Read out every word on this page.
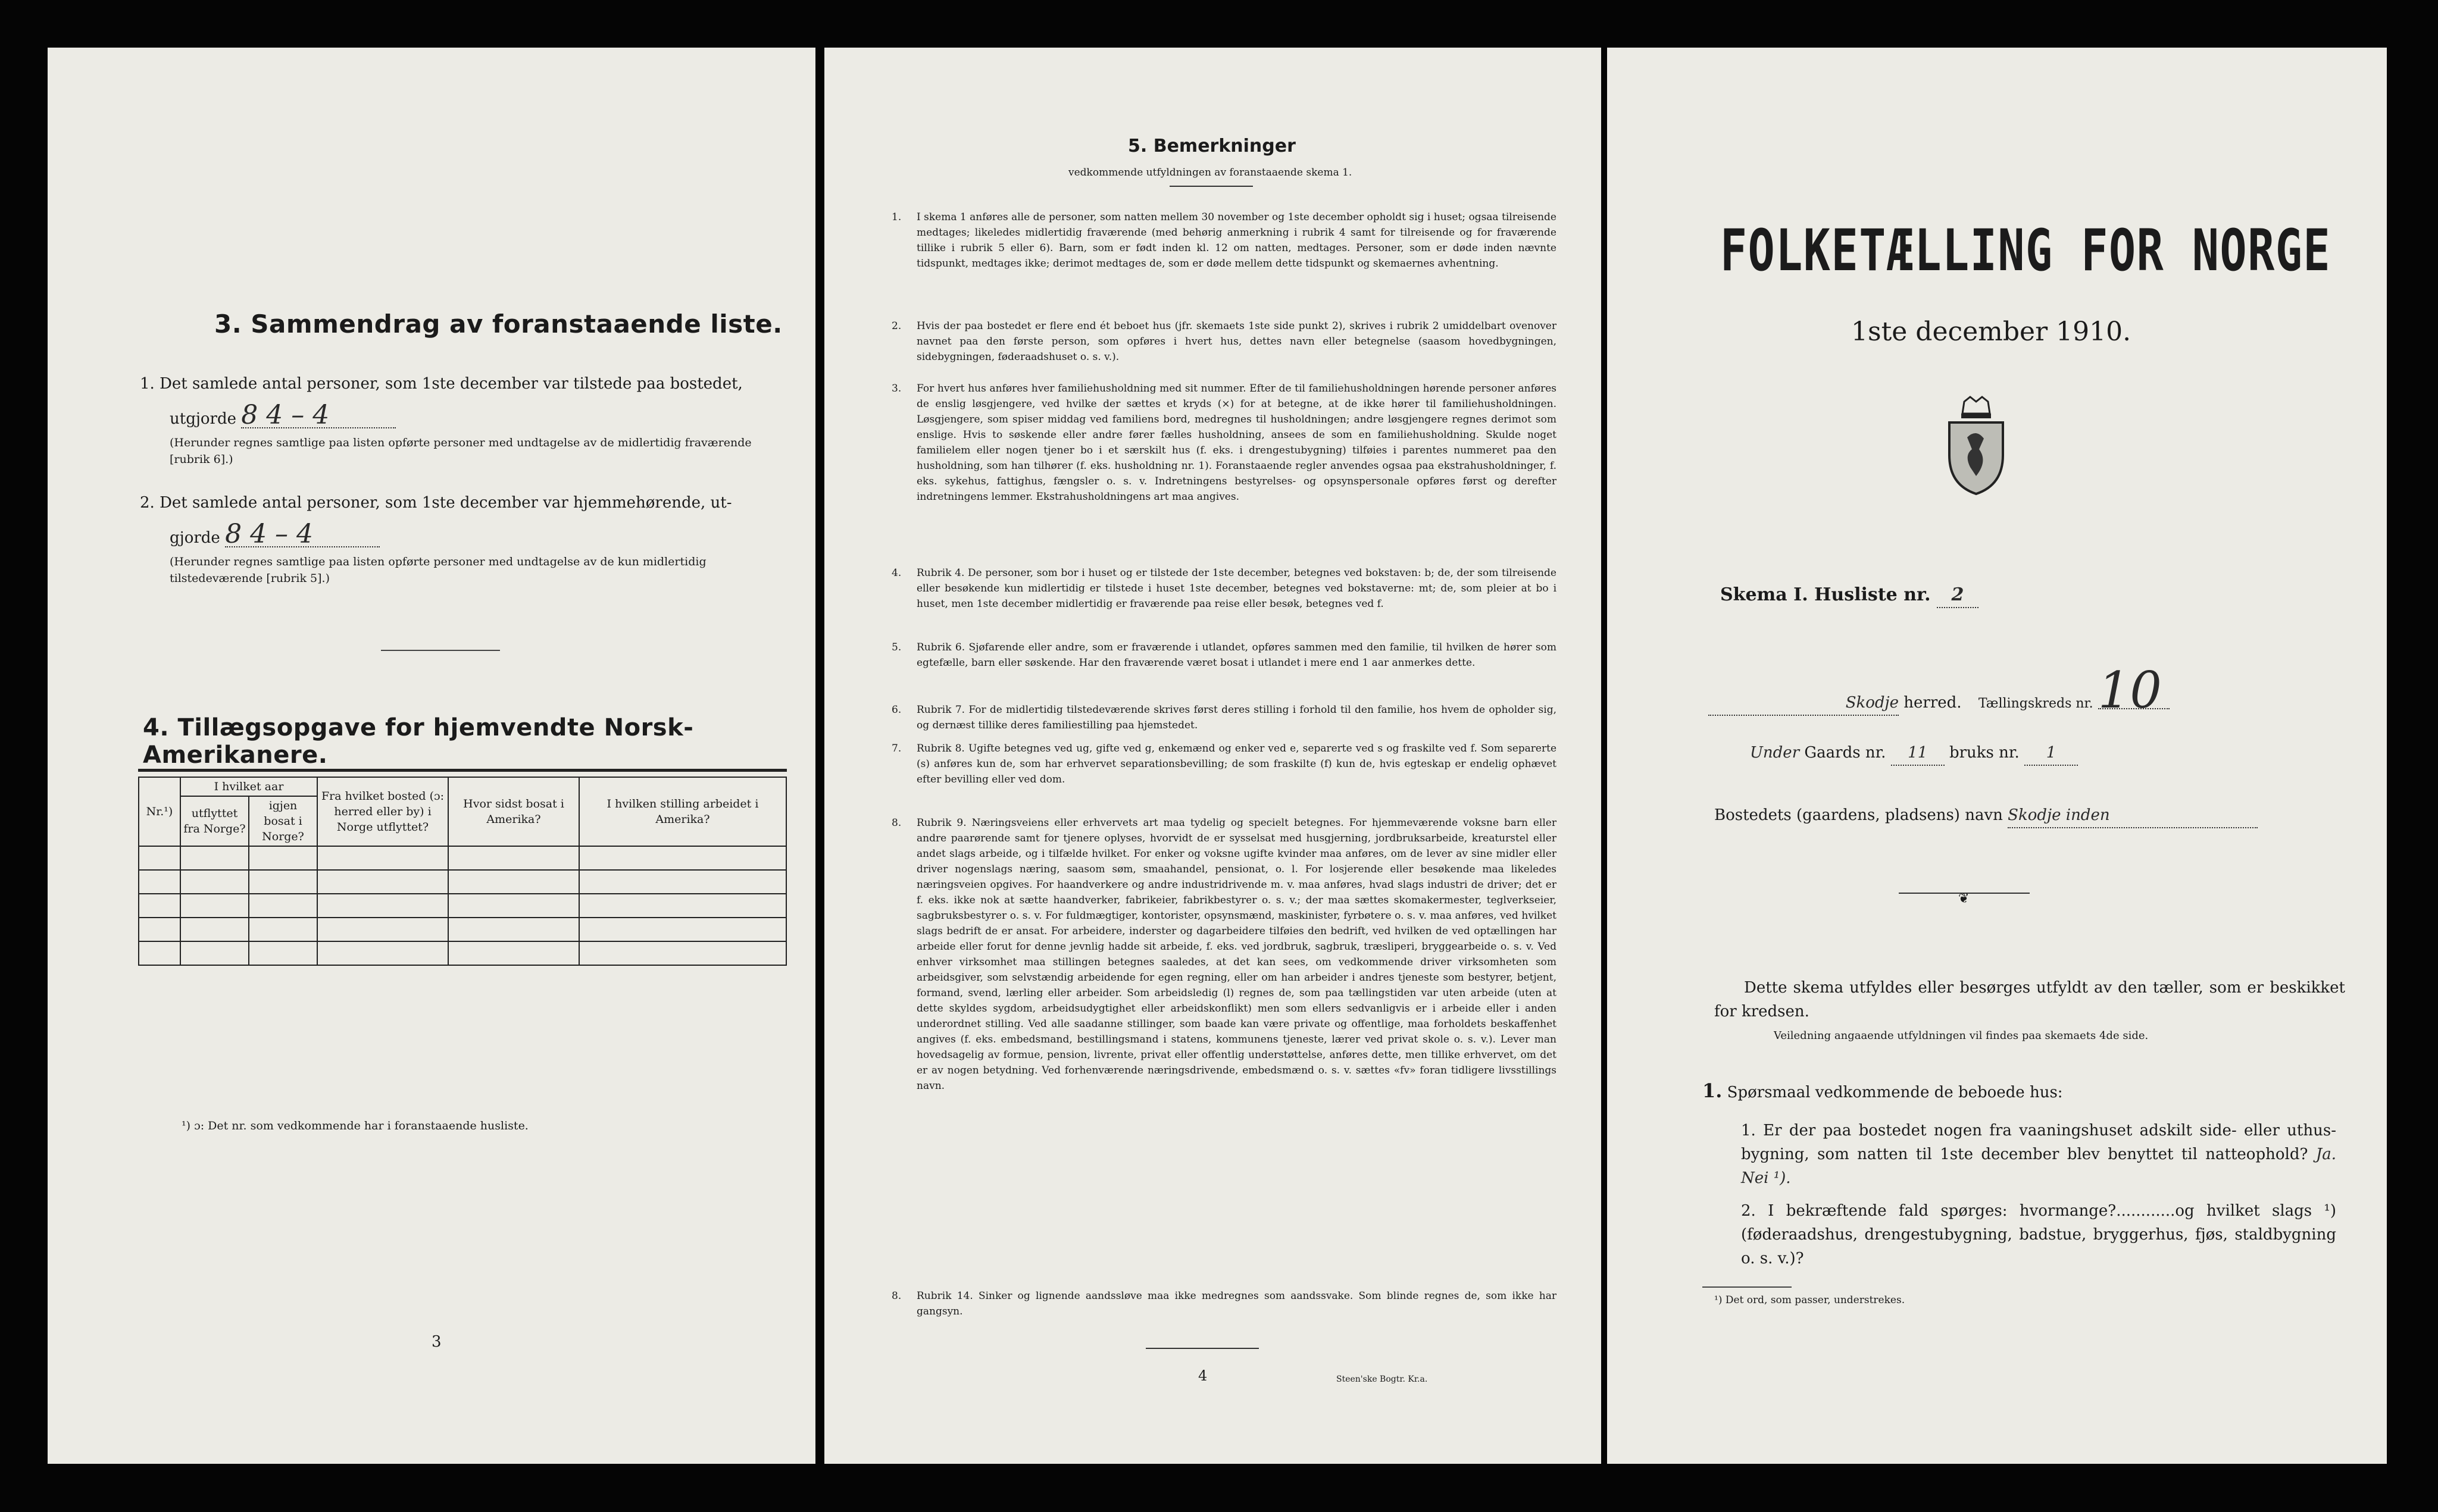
3. Sammendrag av foranstaaende liste.
1. Det samlede antal personer, som 1ste december var tilstede paa bostedet,
utgjorde 8 4 – 4
(Herunder regnes samtlige paa listen opførte personer med undtagelse av de midlertidig fraværende [rubrik 6].)
2. Det samlede antal personer, som 1ste december var hjemmehørende, ut-
gjorde 8 4 – 4
(Herunder regnes samtlige paa listen opførte personer med undtagelse av de kun midlertidig tilstedeværende [rubrik 5].)
4. Tillægsopgave for hjemvendte Norsk-Amerikanere.
Nr.¹)	I hvilket aar		Fra hvilket bosted (ɔ: herred eller by) i Norge utflyttet?	Hvor sidst bosat i Amerika?	I hvilken stilling arbeidet i Amerika?
	utflyttet fra Norge?	igjen bosat i Norge?			

¹) ɔ: Det nr. som vedkommende har i foranstaaende husliste.
3
5. Bemerkninger
vedkommende utfyldningen av foranstaaende skema 1.
1. I skema 1 anføres alle de personer, som natten mellem 30 november og 1ste december opholdt sig i huset; ogsaa tilreisende medtages; likeledes midlertidig fraværende (med behørig anmerkning i rubrik 4 samt for tilreisende og for fraværende tillike i rubrik 5 eller 6). Barn, som er født inden kl. 12 om natten, medtages. Personer, som er døde inden nævnte tidspunkt, medtages ikke; derimot medtages de, som er døde mellem dette tidspunkt og skemaernes avhentning.
2. Hvis der paa bostedet er flere end ét beboet hus (jfr. skemaets 1ste side punkt 2), skrives i rubrik 2 umiddelbart ovenover navnet paa den første person, som opføres i hvert hus, dettes navn eller betegnelse (saasom hovedbygningen, sidebygningen, føderaadshuset o. s. v.).
3. For hvert hus anføres hver familiehusholdning med sit nummer. Efter de til familiehusholdningen hørende personer anføres de enslig løsgjengere, ved hvilke der sættes et kryds (×) for at betegne, at de ikke hører til familiehusholdningen. Løsgjengere, som spiser middag ved familiens bord, medregnes til husholdningen; andre løsgjengere regnes derimot som enslige. Hvis to søskende eller andre fører fælles husholdning, ansees de som en familiehusholdning. Skulde noget familielem eller nogen tjener bo i et særskilt hus (f. eks. i drengestubygning) tilføies i parentes nummeret paa den husholdning, som han tilhører (f. eks. husholdning nr. 1). Foranstaaende regler anvendes ogsaa paa ekstrahusholdninger, f. eks. sykehus, fattighus, fængsler o. s. v. Indretningens bestyrelses- og opsynspersonale opføres først og derefter indretningens lemmer. Ekstrahusholdningens art maa angives.
4. Rubrik 4. De personer, som bor i huset og er tilstede der 1ste december, betegnes ved bokstaven: b; de, der som tilreisende eller besøkende kun midlertidig er tilstede i huset 1ste december, betegnes ved bokstaverne: mt; de, som pleier at bo i huset, men 1ste december midlertidig er fraværende paa reise eller besøk, betegnes ved f.
5. Rubrik 6. Sjøfarende eller andre, som er fraværende i utlandet, opføres sammen med den familie, til hvilken de hører som egtefælle, barn eller søskende. Har den fraværende været bosat i utlandet i mere end 1 aar anmerkes dette.
6. Rubrik 7. For de midlertidig tilstedeværende skrives først deres stilling i forhold til den familie, hos hvem de opholder sig, og dernæst tillike deres familiestilling paa hjemstedet.
7. Rubrik 8. Ugifte betegnes ved ug, gifte ved g, enkemænd og enker ved e, separerte ved s og fraskilte ved f. Som separerte (s) anføres kun de, som har erhvervet separationsbevilling; de som fraskilte (f) kun de, hvis egteskap er endelig ophævet efter bevilling eller ved dom.
8. Rubrik 9. Næringsveiens eller erhvervets art maa tydelig og specielt betegnes. For hjemmeværende voksne barn eller andre paarørende samt for tjenere oplyses, hvorvidt de er sysselsat med husgjerning, jordbruksarbeide, kreaturstel eller andet slags arbeide, og i tilfælde hvilket. For enker og voksne ugifte kvinder maa anføres, om de lever av sine midler eller driver nogenslags næring, saasom søm, smaahandel, pensionat, o. l. For losjerende eller besøkende maa likeledes næringsveien opgives. For haandverkere og andre industridrivende m. v. maa anføres, hvad slags industri de driver; det er f. eks. ikke nok at sætte haandverker, fabrikeier, fabrikbestyrer o. s. v.; der maa sættes skomakermester, teglverkseier, sagbruksbestyrer o. s. v. For fuldmægtiger, kontorister, opsynsmænd, maskinister, fyrbøtere o. s. v. maa anføres, ved hvilket slags bedrift de er ansat. For arbeidere, inderster og dagarbeidere tilføies den bedrift, ved hvilken de ved optællingen har arbeide eller forut for denne jevnlig hadde sit arbeide, f. eks. ved jordbruk, sagbruk, træsliperi, bryggearbeide o. s. v. Ved enhver virksomhet maa stillingen betegnes saaledes, at det kan sees, om vedkommende driver virksomheten som arbeidsgiver, som selvstændig arbeidende for egen regning, eller om han arbeider i andres tjeneste som bestyrer, betjent, formand, svend, lærling eller arbeider. Som arbeidsledig (l) regnes de, som paa tællingstiden var uten arbeide (uten at dette skyldes sygdom, arbeidsudygtighet eller arbeidskonflikt) men som ellers sedvanligvis er i arbeide eller i anden underordnet stilling. Ved alle saadanne stillinger, som baade kan være private og offentlige, maa forholdets beskaffenhet angives (f. eks. embedsmand, bestillingsmand i statens, kommunens tjeneste, lærer ved privat skole o. s. v.). Lever man hovedsagelig av formue, pension, livrente, privat eller offentlig understøttelse, anføres dette, men tillike erhvervet, om det er av nogen betydning. Ved forhenværende næringsdrivende, embedsmænd o. s. v. sættes «fv» foran tidligere livsstillings navn.
8. Rubrik 14. Sinker og lignende aandssløve maa ikke medregnes som aandssvake. Som blinde regnes de, som ikke har gangsyn.
4	Steen'ske Bogtr. Kr.a.
FOLKETÆLLING FOR NORGE
1ste december 1910.
Skema I. Husliste nr. 2
Skodje herred. Tællingskreds nr. 10
Under Gaards nr. 11 bruks nr. 1
Bostedets (gaardens, pladsens) navn Skodje inden
❦
Dette skema utfyldes eller besørges utfyldt av den tæller, som er beskikket for kredsen.
Veiledning angaaende utfyldningen vil findes paa skemaets 4de side.
1. Spørsmaal vedkommende de beboede hus:
1. Er der paa bostedet nogen fra vaaningshuset adskilt side- eller uthus-bygning, som natten til 1ste december blev benyttet til natteophold? Ja. Nei ¹).
2. I bekræftende fald spørges: hvormange?............og hvilket slags ¹) (føderaadshus, drengestubygning, badstue, bryggerhus, fjøs, staldbygning o. s. v.)?
¹) Det ord, som passer, understrekes.
